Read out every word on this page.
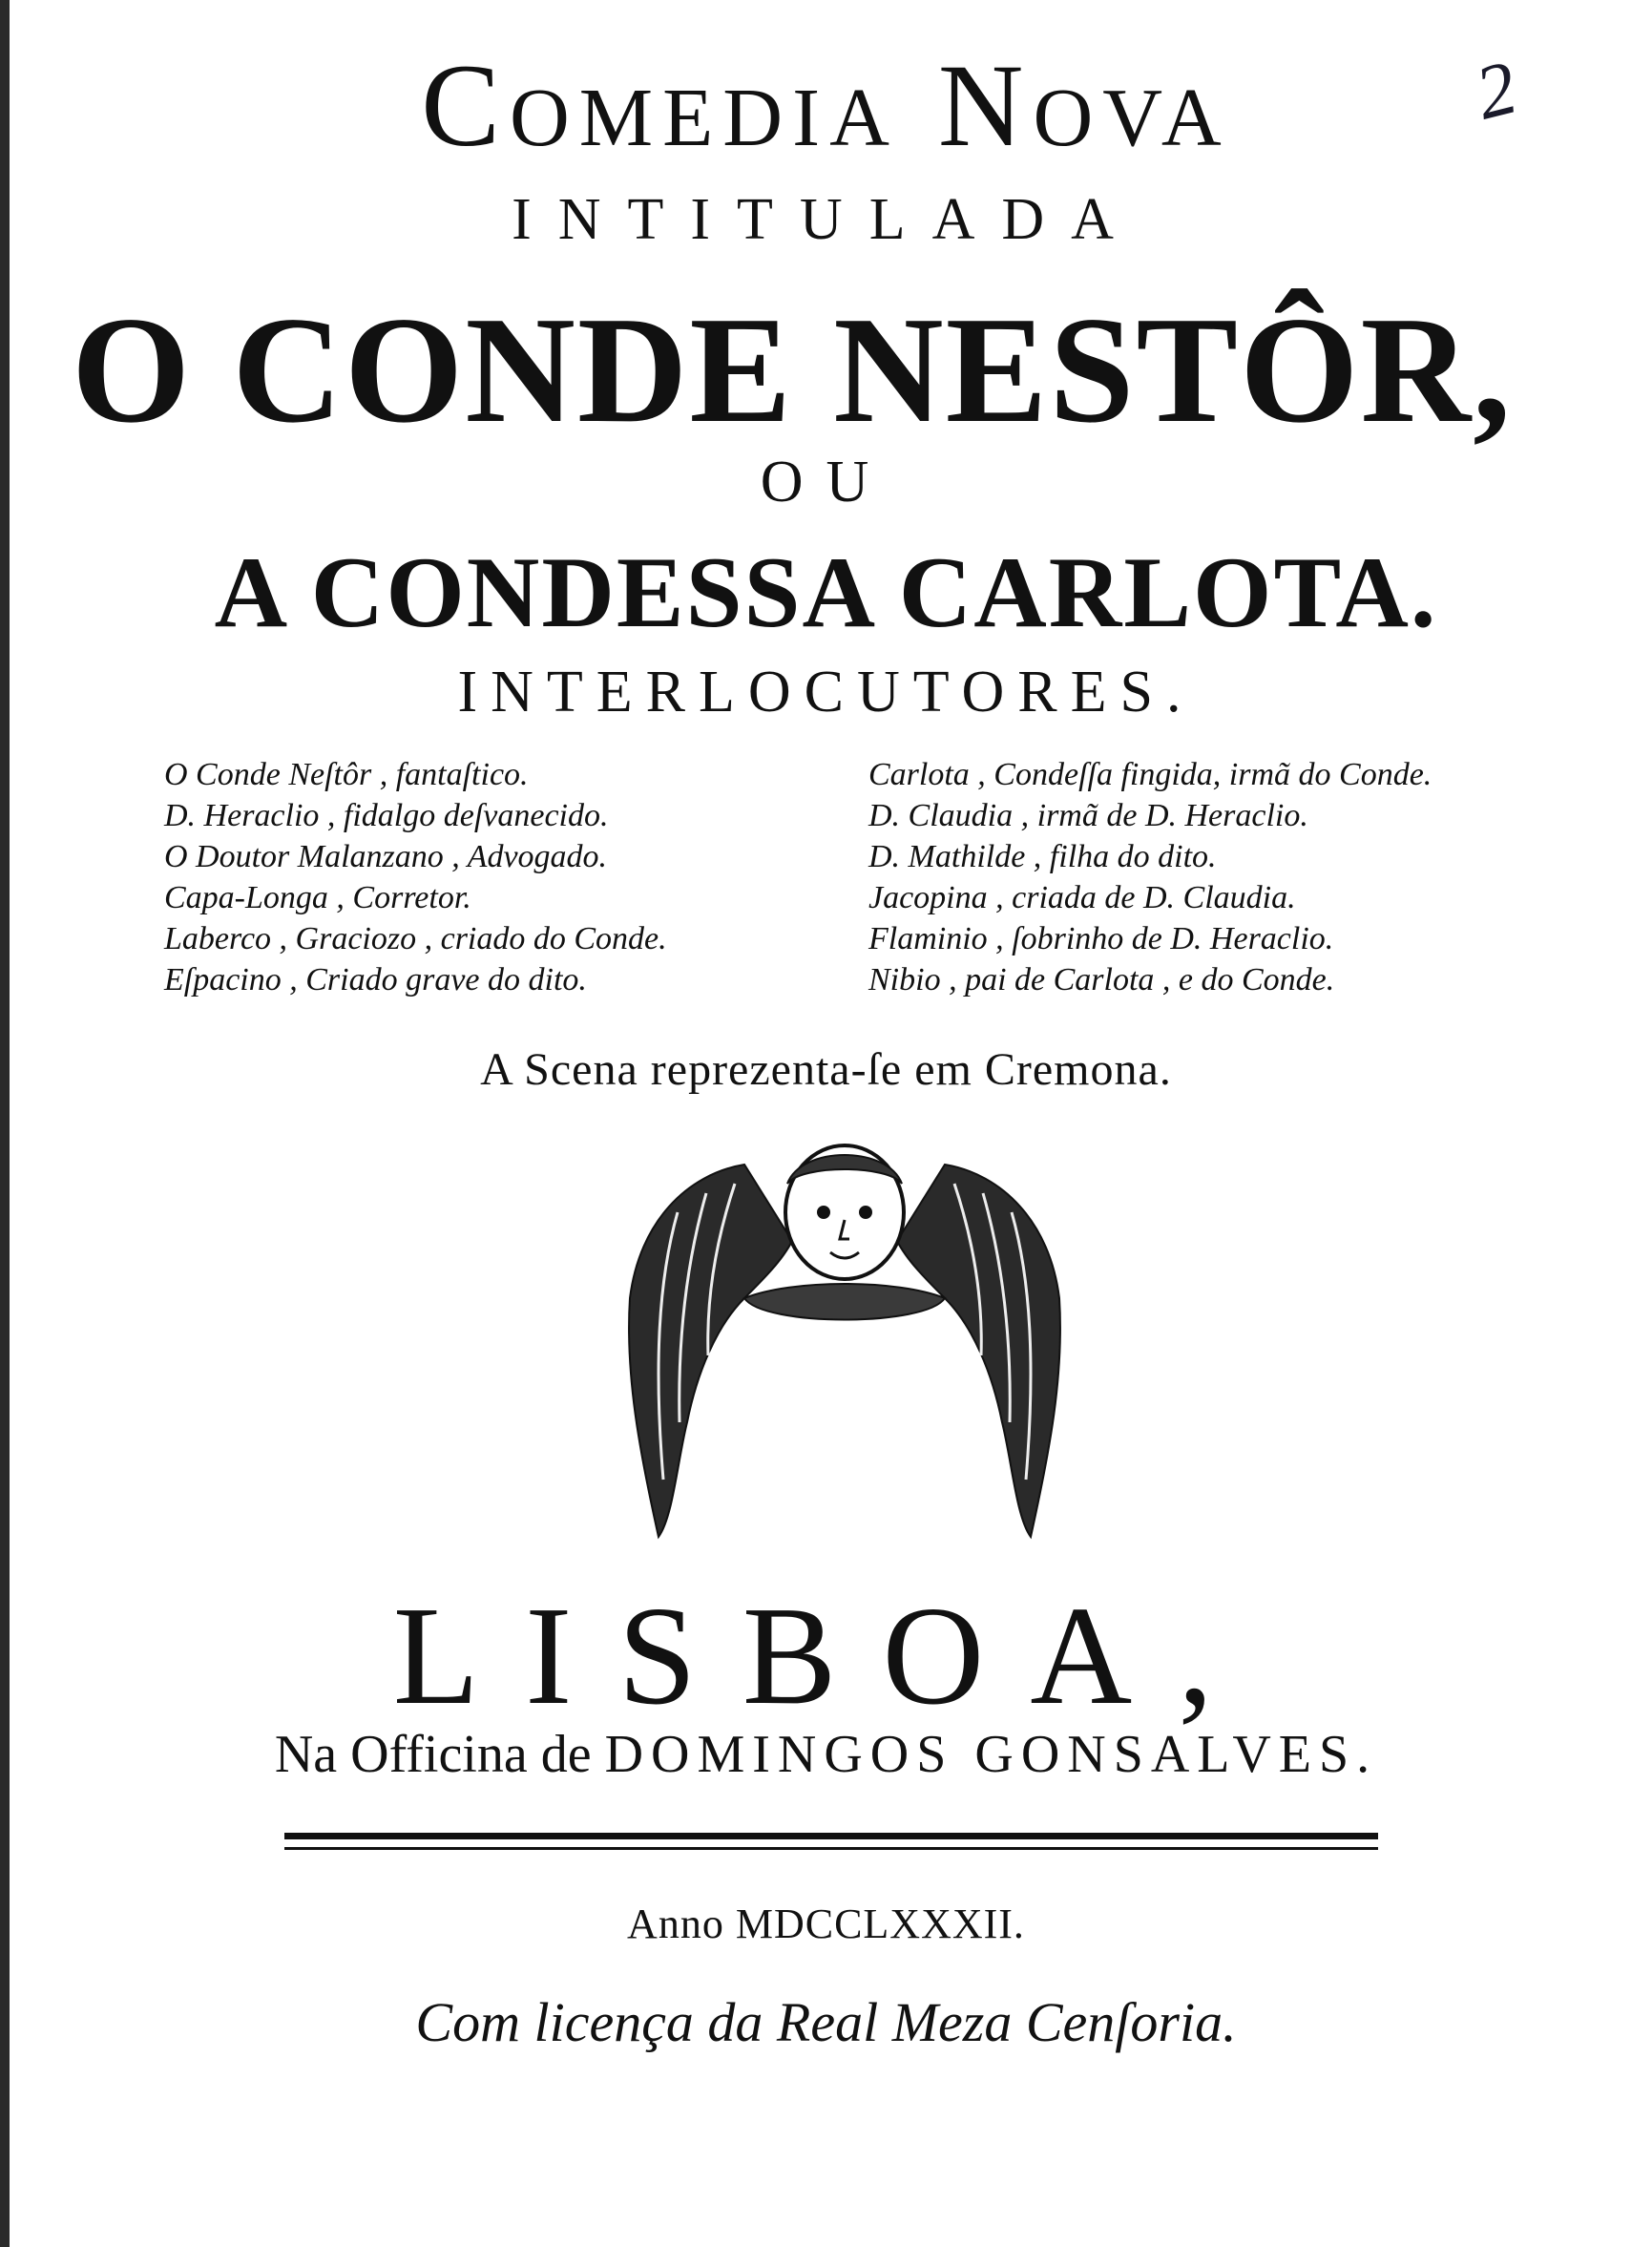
2
Comedia Nova
INTITULADA
O CONDE NESTÔR,
OU
A CONDESSA CARLOTA.
INTERLOCUTORES.
O Conde Neſtôr , fantaſtico.
D. Heraclio , fidalgo deſvanecido.
O Doutor Malanzano , Advogado.
Capa-Longa , Corretor.
Laberco , Graciozo , criado do Conde.
Eſpacino , Criado grave do dito.
Carlota , Condeſſa fingida, irmã do Conde.
D. Claudia , irmã de D. Heraclio.
D. Mathilde , filha do dito.
Jacopina , criada de D. Claudia.
Flaminio , ſobrinho de D. Heraclio.
Nibio , pai de Carlota , e do Conde.
A Scena reprezenta-ſe em Cremona.
LISBOA,
Na Officina de DOMINGOS GONSALVES.
Anno MDCCLXXXII.
Com licença da Real Meza Cenſoria.
